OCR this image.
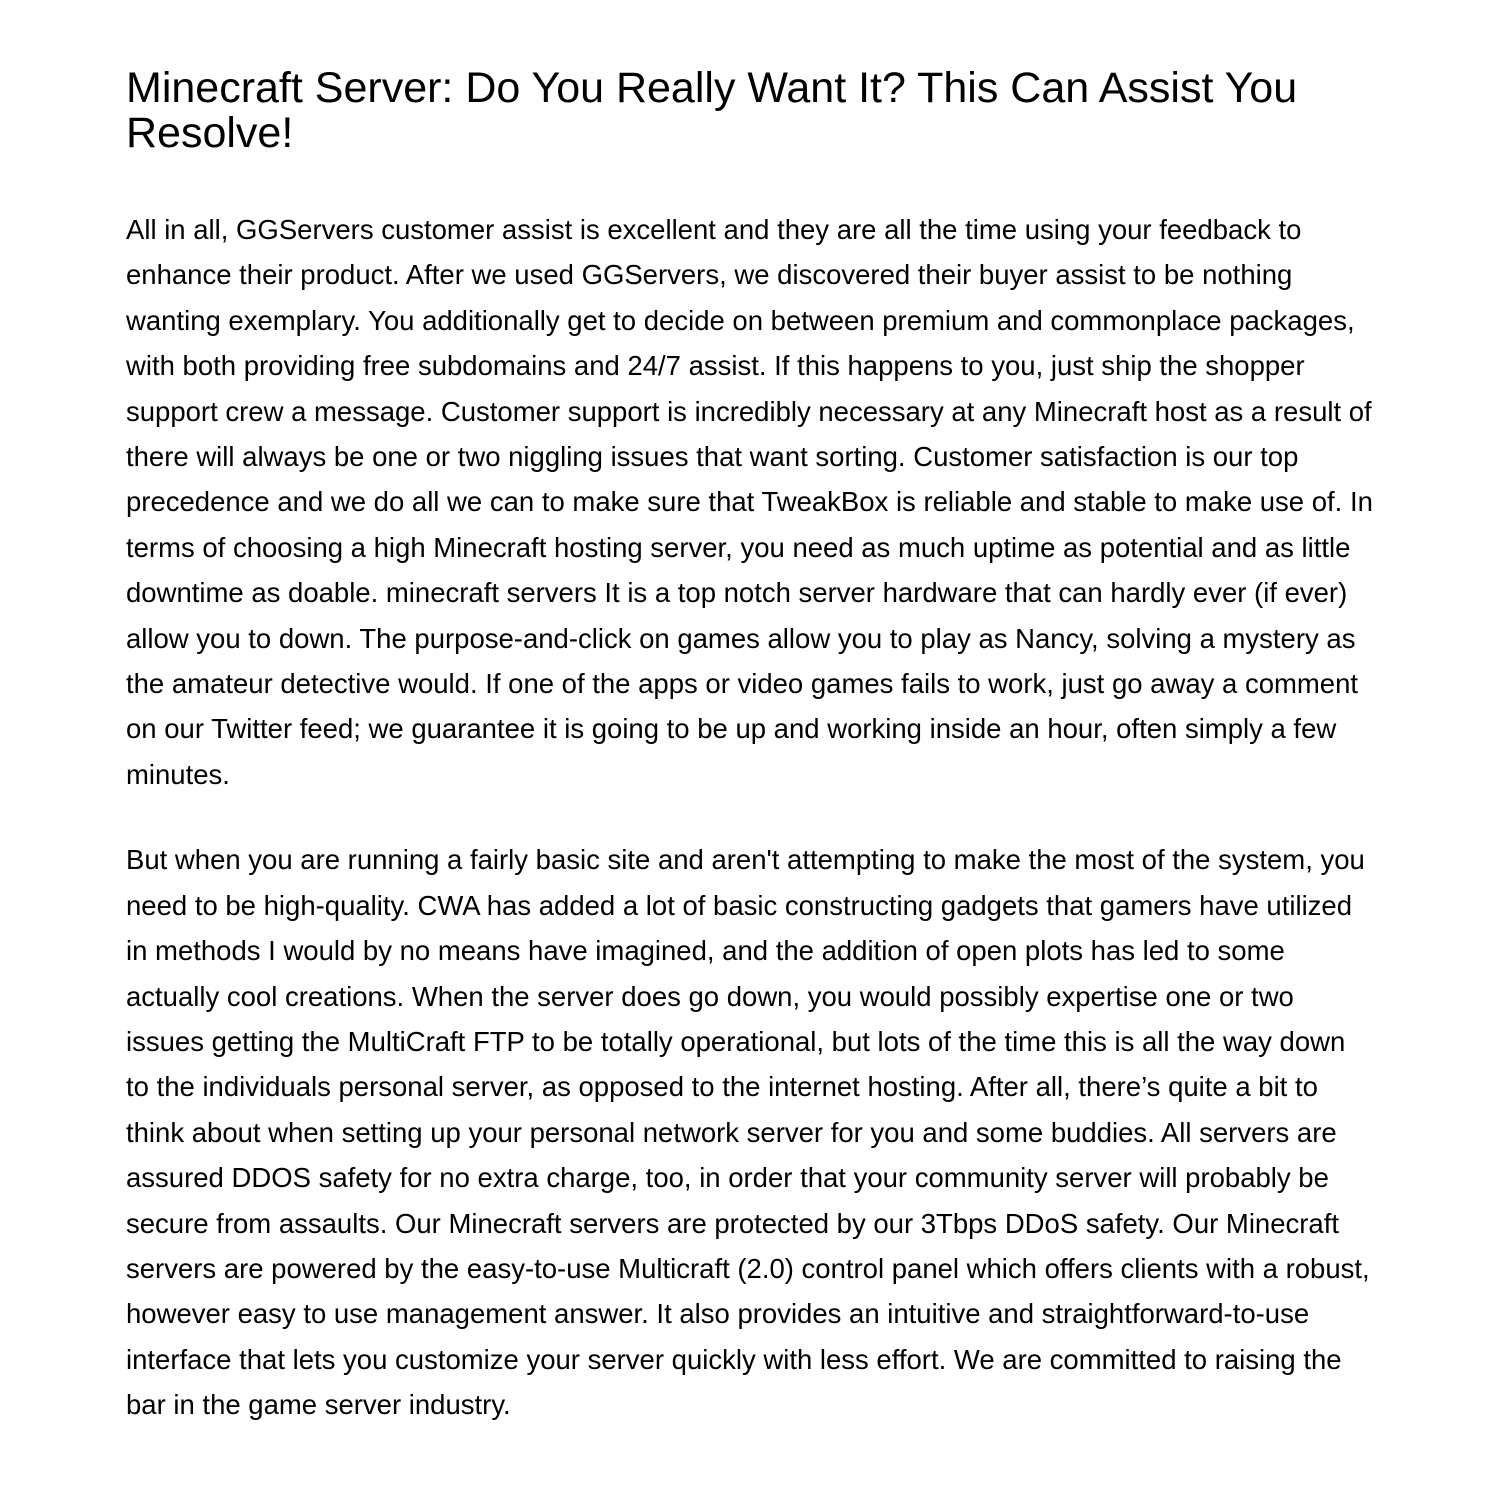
Minecraft Server: Do You Really Want It? This Can Assist You Resolve!

All in all, GGServers customer assist is excellent and they are all the time using your feedback to enhance their product. After we used GGServers, we discovered their buyer assist to be nothing wanting exemplary. You additionally get to decide on between premium and commonplace packages, with both providing free subdomains and 24/7 assist. If this happens to you, just ship the shopper support crew a message. Customer support is incredibly necessary at any Minecraft host as a result of there will always be one or two niggling issues that want sorting. Customer satisfaction is our top precedence and we do all we can to make sure that TweakBox is reliable and stable to make use of. In terms of choosing a high Minecraft hosting server, you need as much uptime as potential and as little downtime as doable. minecraft servers It is a top notch server hardware that can hardly ever (if ever) allow you to down. The purpose-and-click on games allow you to play as Nancy, solving a mystery as the amateur detective would. If one of the apps or video games fails to work, just go away a comment on our Twitter feed; we guarantee it is going to be up and working inside an hour, often simply a few minutes.

But when you are running a fairly basic site and aren't attempting to make the most of the system, you need to be high-quality. CWA has added a lot of basic constructing gadgets that gamers have utilized in methods I would by no means have imagined, and the addition of open plots has led to some actually cool creations. When the server does go down, you would possibly expertise one or two issues getting the MultiCraft FTP to be totally operational, but lots of the time this is all the way down to the individuals personal server, as opposed to the internet hosting. After all, there’s quite a bit to think about when setting up your personal network server for you and some buddies. All servers are assured DDOS safety for no extra charge, too, in order that your community server will probably be secure from assaults. Our Minecraft servers are protected by our 3Tbps DDoS safety. Our Minecraft servers are powered by the easy-to-use Multicraft (2.0) control panel which offers clients with a robust, however easy to use management answer. It also provides an intuitive and straightforward-to-use interface that lets you customize your server quickly with less effort. We are committed to raising the bar in the game server industry.
